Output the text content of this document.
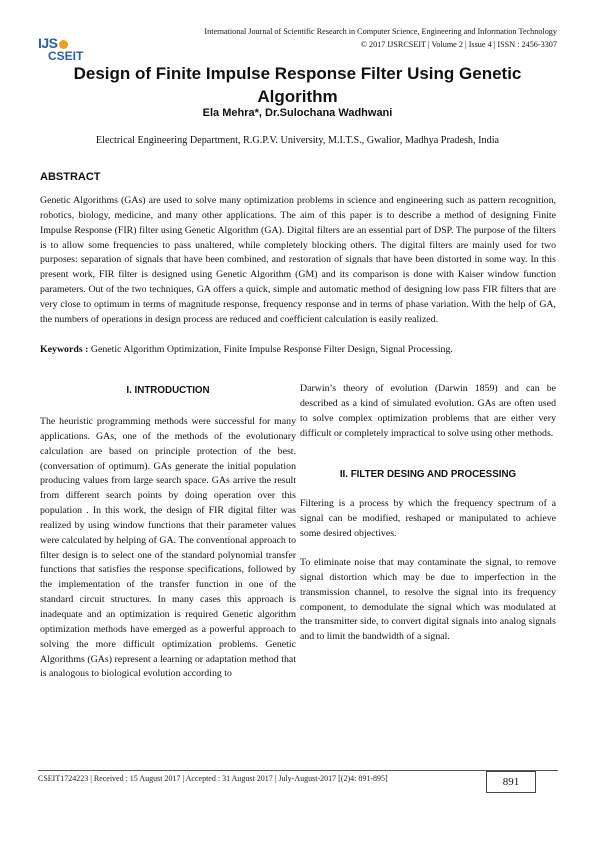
IJS
CSEIT
International Journal of Scientific Research in Computer Science, Engineering and Information Technology
© 2017 IJSRCSEIT | Volume 2 | Issue 4 | ISSN : 2456-3307
Design of Finite Impulse Response Filter Using Genetic Algorithm
Ela Mehra*, Dr.Sulochana Wadhwani
Electrical Engineering Department, R.G.P.V. University, M.I.T.S., Gwalior, Madhya Pradesh, India
ABSTRACT
Genetic Algorithms (GAs) are used to solve many optimization problems in science and engineering such as pattern recognition, robotics, biology, medicine, and many other applications. The aim of this paper is to describe a method of designing Finite Impulse Response (FIR) filter using Genetic Algorithm (GA). Digital filters are an essential part of DSP. The purpose of the filters is to allow some frequencies to pass unaltered, while completely blocking others. The digital filters are mainly used for two purposes: separation of signals that have been combined, and restoration of signals that have been distorted in some way. In this present work, FIR filter is designed using Genetic Algorithm (GM) and its comparison is done with Kaiser window function parameters. Out of the two techniques, GA offers a quick, simple and automatic method of designing low pass FIR filters that are very close to optimum in terms of magnitude response, frequency response and in terms of phase variation. With the help of GA, the numbers of operations in design process are reduced and coefficient calculation is easily realized.
Keywords : Genetic Algorithm Optimization, Finite Impulse Response Filter Design, Signal Processing.
I. INTRODUCTION
The heuristic programming methods were successful for many applications. GAs, one of the methods of the evolutionary calculation are based on principle protection of the best. (conversation of optimum). GAs generate the initial population producing values from large search space. GAs arrive the result from different search points by doing operation over this population . In this work, the design of FIR digital filter was realized by using window functions that their parameter values were calculated by helping of GA. The conventional approach to filter design is to select one of the standard polynomial transfer functions that satisfies the response specifications, followed by the implementation of the transfer function in one of the standard circuit structures. In many cases this approach is inadequate and an optimization is required Genetic algorithm optimization methods have emerged as a powerful approach to solving the more difficult optimization problems. Genetic Algorithms (GAs) represent a learning or adaptation method that is analogous to biological evolution according to
Darwin’s theory of evolution (Darwin 1859) and can be described as a kind of simulated evolution. GAs are often used to solve complex optimization problems that are either very difficult or completely impractical to solve using other methods.
II. FILTER DESING AND PROCESSING
Filtering is a process by which the frequency spectrum of a signal can be modified, reshaped or manipulated to achieve some desired objectives.
To eliminate noise that may contaminate the signal, to remove signal distortion which may be due to imperfection in the transmission channel, to resolve the signal into its frequency component, to demodulate the signal which was modulated at the transmitter side, to convert digital signals into analog signals and to limit the bandwidth of a signal.
CSEIT1724223 | Received : 15 August 2017 | Accepted : 31 August 2017 | July-August-2017 [(2)4: 891-895]	891
